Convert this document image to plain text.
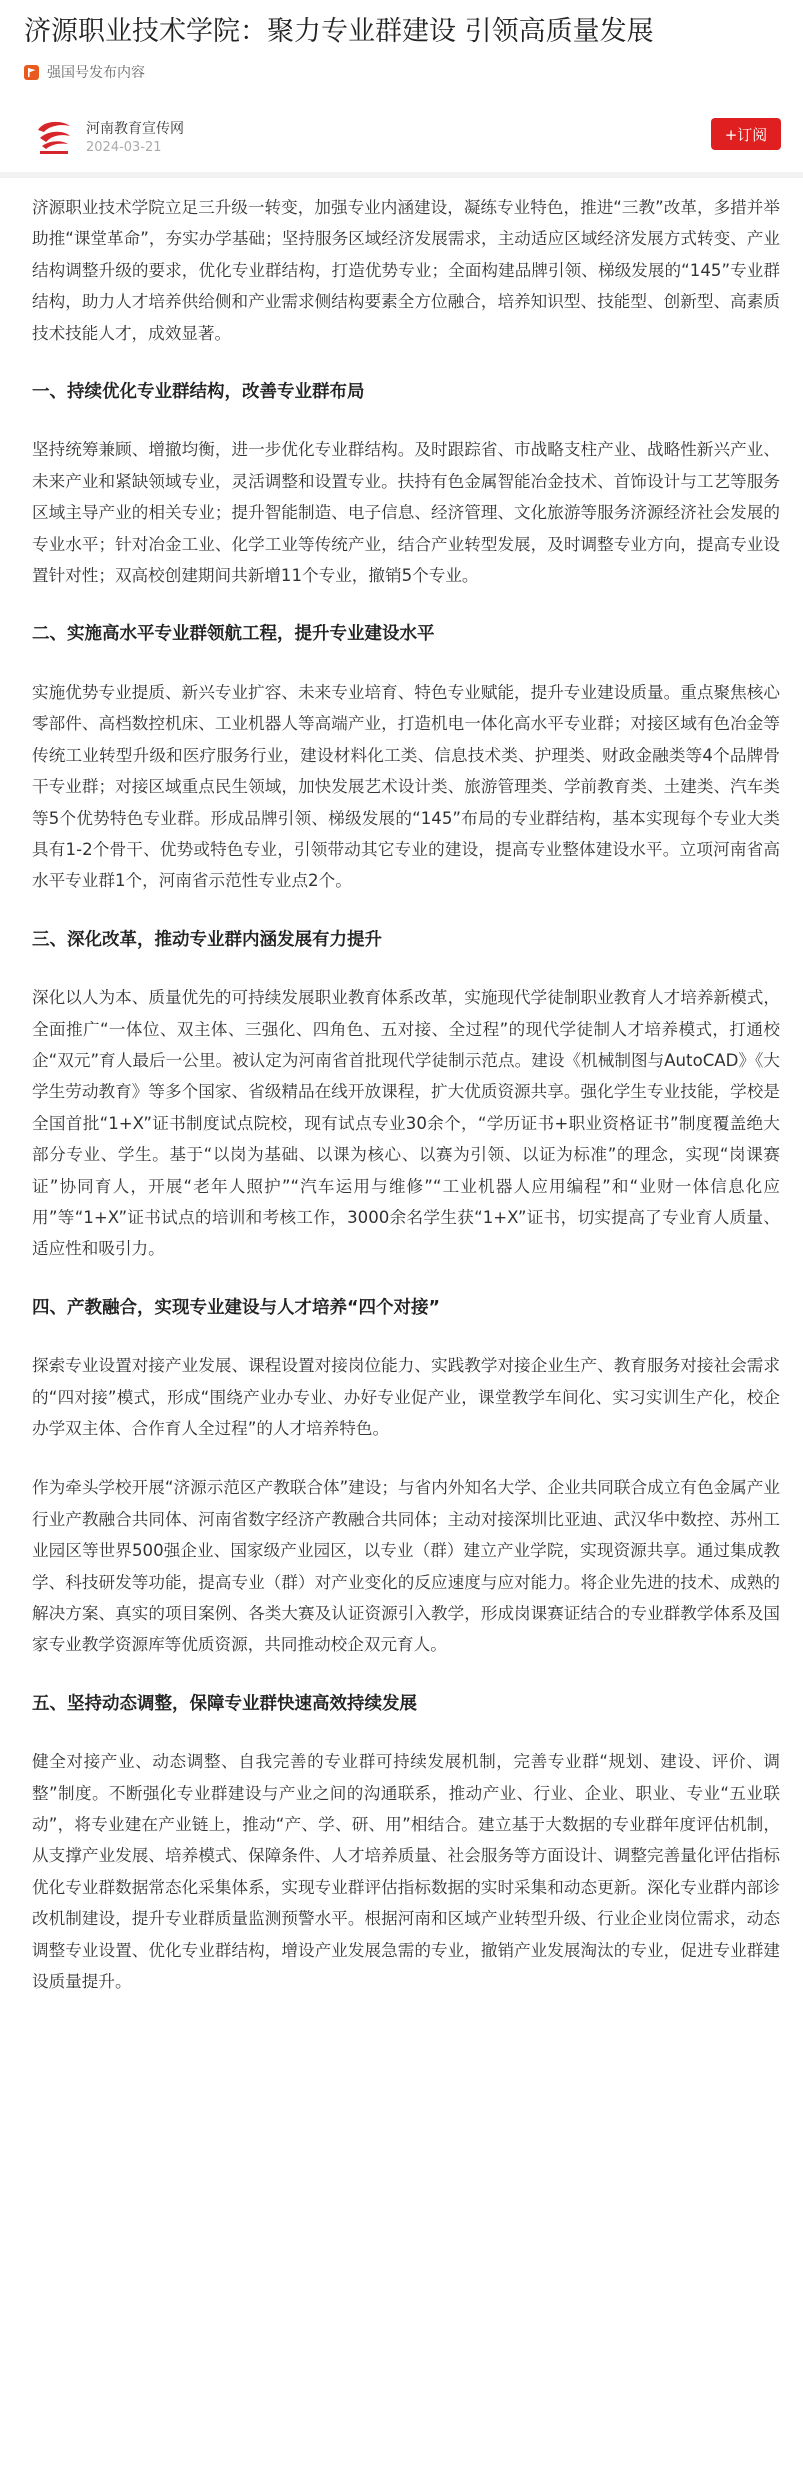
济源职业技术学院：聚力专业群建设 引领高质量发展
强国号发布内容
河南教育宣传网
2024-03-21
+订阅

济源职业技术学院立足三升级一转变，加强专业内涵建设，凝练专业特色，推进“三教”改革，多措并举助推“课堂革命”，夯实办学基础；坚持服务区域经济发展需求，主动适应区域经济发展方式转变、产业结构调整升级的要求，优化专业群结构，打造优势专业；全面构建品牌引领、梯级发展的“145”专业群结构，助力人才培养供给侧和产业需求侧结构要素全方位融合，培养知识型、技能型、创新型、高素质技术技能人才，成效显著。

一、持续优化专业群结构，改善专业群布局

坚持统筹兼顾、增撤均衡，进一步优化专业群结构。及时跟踪省、市战略支柱产业、战略性新兴产业、未来产业和紧缺领域专业，灵活调整和设置专业。扶持有色金属智能冶金技术、首饰设计与工艺等服务区域主导产业的相关专业；提升智能制造、电子信息、经济管理、文化旅游等服务济源经济社会发展的专业水平；针对冶金工业、化学工业等传统产业，结合产业转型发展，及时调整专业方向，提高专业设置针对性；双高校创建期间共新增11个专业，撤销5个专业。

二、实施高水平专业群领航工程，提升专业建设水平

实施优势专业提质、新兴专业扩容、未来专业培育、特色专业赋能，提升专业建设质量。重点聚焦核心零部件、高档数控机床、工业机器人等高端产业，打造机电一体化高水平专业群；对接区域有色冶金等传统工业转型升级和医疗服务行业，建设材料化工类、信息技术类、护理类、财政金融类等4个品牌骨干专业群；对接区域重点民生领域，加快发展艺术设计类、旅游管理类、学前教育类、土建类、汽车类等5个优势特色专业群。形成品牌引领、梯级发展的“145”布局的专业群结构，基本实现每个专业大类具有1-2个骨干、优势或特色专业，引领带动其它专业的建设，提高专业整体建设水平。立项河南省高水平专业群1个，河南省示范性专业点2个。

三、深化改革，推动专业群内涵发展有力提升

深化以人为本、质量优先的可持续发展职业教育体系改革，实施现代学徒制职业教育人才培养新模式，全面推广“一体位、双主体、三强化、四角色、五对接、全过程”的现代学徒制人才培养模式，打通校企“双元”育人最后一公里。被认定为河南省首批现代学徒制示范点。建设《机械制图与AutoCAD》《大学生劳动教育》等多个国家、省级精品在线开放课程，扩大优质资源共享。强化学生专业技能，学校是全国首批“1+X”证书制度试点院校，现有试点专业30余个，“学历证书+职业资格证书”制度覆盖绝大部分专业、学生。基于“以岗为基础、以课为核心、以赛为引领、以证为标准”的理念，实现“岗课赛证”协同育人，开展“老年人照护”“汽车运用与维修”“工业机器人应用编程”和“业财一体信息化应用”等“1+X”证书试点的培训和考核工作，3000余名学生获“1+X”证书，切实提高了专业育人质量、适应性和吸引力。

四、产教融合，实现专业建设与人才培养“四个对接”

探索专业设置对接产业发展、课程设置对接岗位能力、实践教学对接企业生产、教育服务对接社会需求的“四对接”模式，形成“围绕产业办专业、办好专业促产业，课堂教学车间化、实习实训生产化，校企办学双主体、合作育人全过程”的人才培养特色。

作为牵头学校开展“济源示范区产教联合体”建设；与省内外知名大学、企业共同联合成立有色金属产业行业产教融合共同体、河南省数字经济产教融合共同体；主动对接深圳比亚迪、武汉华中数控、苏州工业园区等世界500强企业、国家级产业园区，以专业（群）建立产业学院，实现资源共享。通过集成教学、科技研发等功能，提高专业（群）对产业变化的反应速度与应对能力。将企业先进的技术、成熟的解决方案、真实的项目案例、各类大赛及认证资源引入教学，形成岗课赛证结合的专业群教学体系及国家专业教学资源库等优质资源，共同推动校企双元育人。

五、坚持动态调整，保障专业群快速高效持续发展

健全对接产业、动态调整、自我完善的专业群可持续发展机制，完善专业群“规划、建设、评价、调整”制度。不断强化专业群建设与产业之间的沟通联系，推动产业、行业、企业、职业、专业“五业联动”，将专业建在产业链上，推动“产、学、研、用”相结合。建立基于大数据的专业群年度评估机制，从支撑产业发展、培养模式、保障条件、人才培养质量、社会服务等方面设计、调整完善量化评估指标优化专业群数据常态化采集体系，实现专业群评估指标数据的实时采集和动态更新。深化专业群内部诊改机制建设，提升专业群质量监测预警水平。根据河南和区域产业转型升级、行业企业岗位需求，动态调整专业设置、优化专业群结构，增设产业发展急需的专业，撤销产业发展淘汰的专业，促进专业群建设质量提升。
